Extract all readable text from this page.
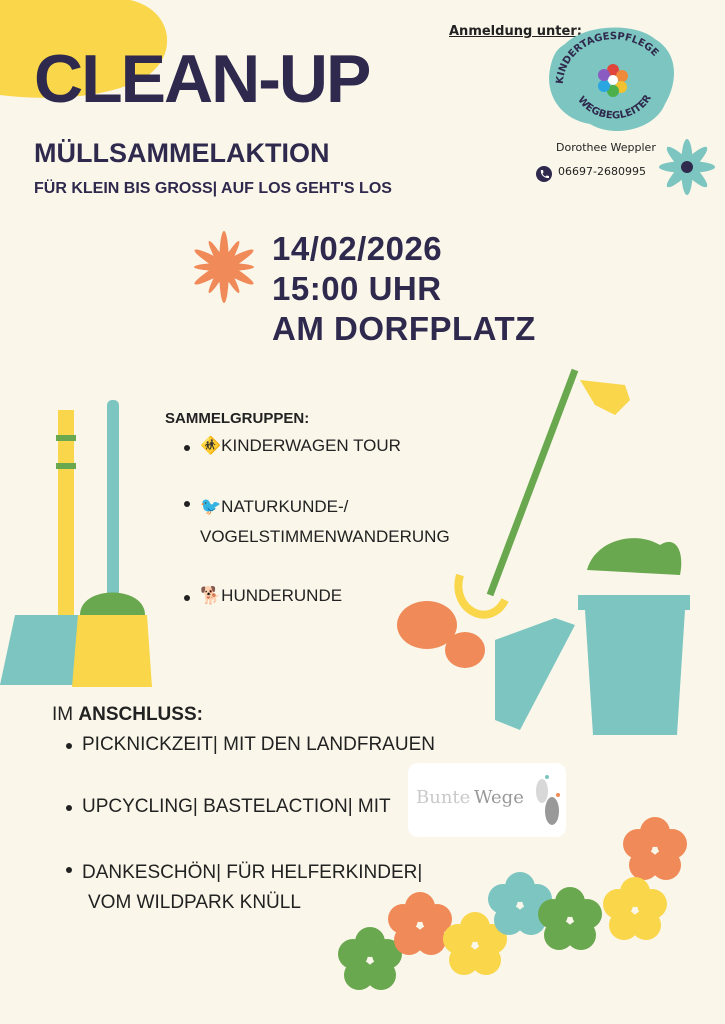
CLEAN-UP
MÜLLSAMMELAKTION
FÜR KLEIN BIS GROSS| AUF LOS GEHT'S LOS
Anmeldung unter:
KINDERTAGESPFLEGE
WEGBEGLEITER
Dorothee Weppler
06697-2680995
14/02/2026
15:00 UHR
AM DORFPLATZ
SAMMELGRUPPEN:
🚸KINDERWAGEN TOUR
🐦NATURKUNDE-/
VOGELSTIMMENWANDERUNG
🐕HUNDERUNDE
IM ANSCHLUSS:
PICKNICKZEIT| MIT DEN LANDFRAUEN
UPCYCLING| BASTELACTION| MIT
DANKESCHÖN| FÜR HELFERKINDER|
VOM WILDPARK KNÜLL
Bunte Wege
